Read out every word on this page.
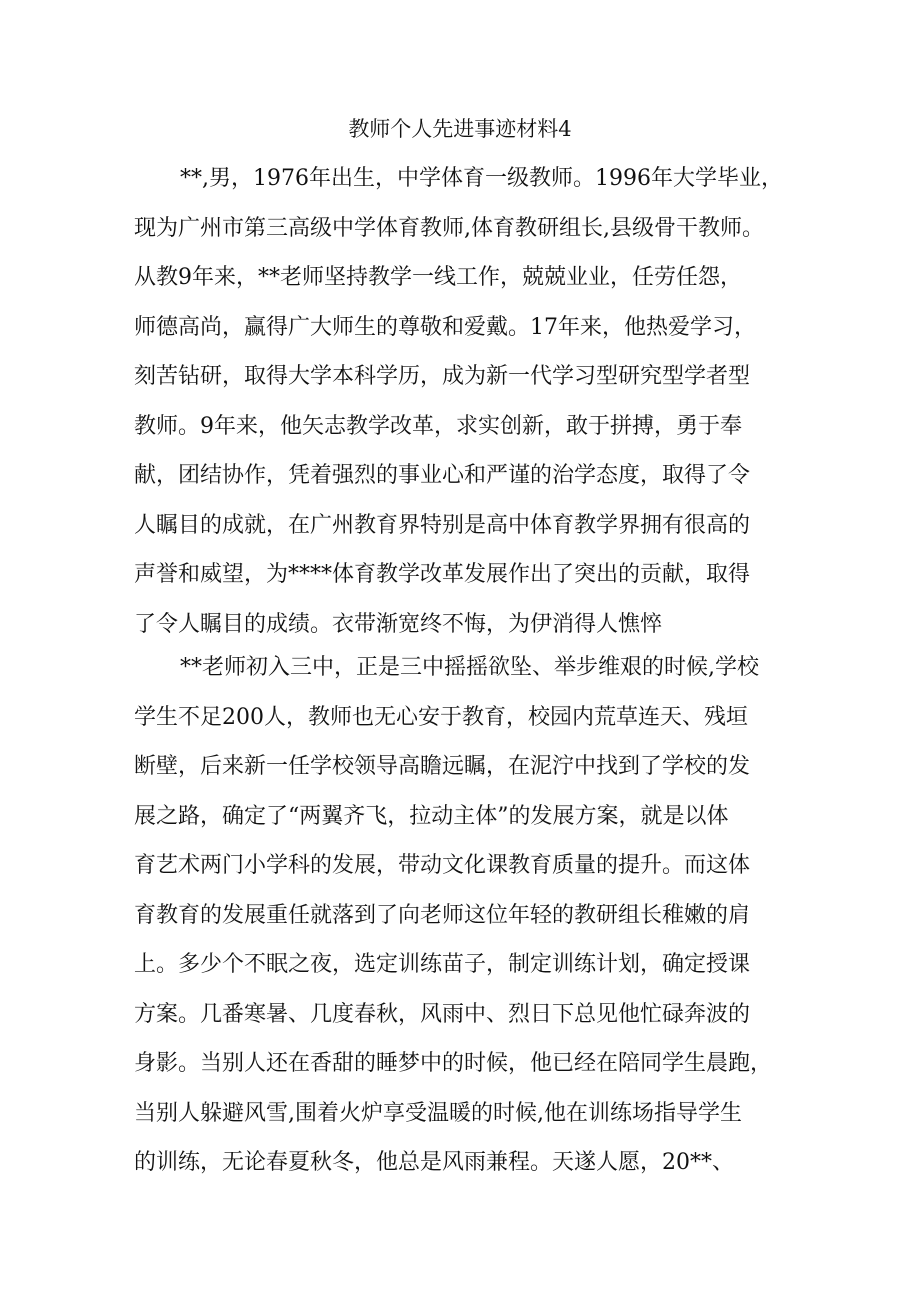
教师个人先进事迹材料4
**,男，1976年出生，中学体育一级教师。1996年大学毕业，
现为广州市第三高级中学体育教师,体育教研组长,县级骨干教师。
从教9年来，**老师坚持教学一线工作，兢兢业业，任劳任怨，
师德高尚，赢得广大师生的尊敬和爱戴。17年来，他热爱学习，
刻苦钻研，取得大学本科学历，成为新一代学习型研究型学者型
教师。9年来，他矢志教学改革，求实创新，敢于拼搏，勇于奉
献，团结协作，凭着强烈的事业心和严谨的治学态度，取得了令
人瞩目的成就，在广州教育界特别是高中体育教学界拥有很高的
声誉和威望，为****体育教学改革发展作出了突出的贡献，取得
了令人瞩目的成绩。衣带渐宽终不悔，为伊消得人憔悴
**老师初入三中，正是三中摇摇欲坠、举步维艰的时候,学校
学生不足200人，教师也无心安于教育，校园内荒草连天、残垣
断壁，后来新一任学校领导高瞻远瞩，在泥泞中找到了学校的发
展之路，确定了“两翼齐飞，拉动主体”的发展方案，就是以体
育艺术两门小学科的发展，带动文化课教育质量的提升。而这体
育教育的发展重任就落到了向老师这位年轻的教研组长稚嫩的肩
上。多少个不眠之夜，选定训练苗子，制定训练计划，确定授课
方案。几番寒暑、几度春秋，风雨中、烈日下总见他忙碌奔波的
身影。当别人还在香甜的睡梦中的时候，他已经在陪同学生晨跑，
当别人躲避风雪,围着火炉享受温暖的时候,他在训练场指导学生
的训练，无论春夏秋冬，他总是风雨兼程。天遂人愿，20**、
